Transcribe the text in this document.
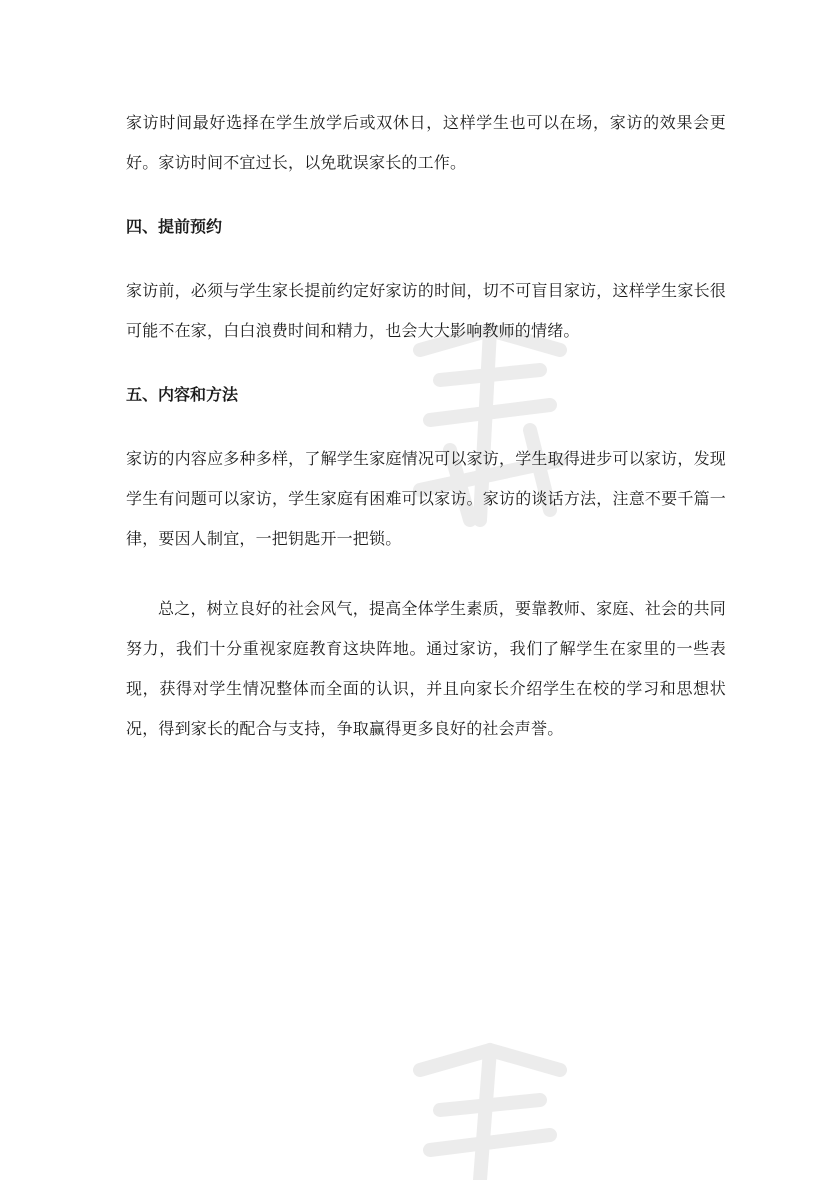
家访时间最好选择在学生放学后或双休日，这样学生也可以在场，家访的效果会更好。家访时间不宜过长，以免耽误家长的工作。

四、提前预约

家访前，必须与学生家长提前约定好家访的时间，切不可盲目家访，这样学生家长很可能不在家，白白浪费时间和精力，也会大大影响教师的情绪。

五、内容和方法

家访的内容应多种多样，了解学生家庭情况可以家访，学生取得进步可以家访，发现学生有问题可以家访，学生家庭有困难可以家访。家访的谈话方法，注意不要千篇一律，要因人制宜，一把钥匙开一把锁。

总之，树立良好的社会风气，提高全体学生素质，要靠教师、家庭、社会的共同努力，我们十分重视家庭教育这块阵地。通过家访，我们了解学生在家里的一些表现，获得对学生情况整体而全面的认识，并且向家长介绍学生在校的学习和思想状况，得到家长的配合与支持，争取赢得更多良好的社会声誉。
